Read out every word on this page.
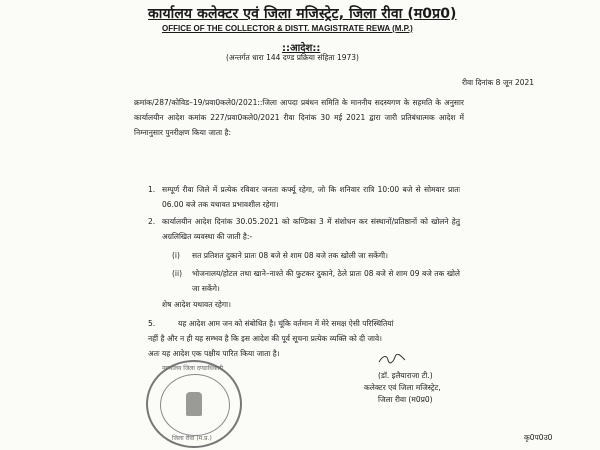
कार्यालय कलेक्टर एवं जिला मजिस्ट्रेट, जिला रीवा (म0प्र0)
OFFICE OF THE COLLECTOR & DISTT. MAGISTRATE REWA (M.P.)
::आदेश::
(अन्तर्गत धारा 144 दण्ड प्रक्रिया संहिता 1973)
रीवा दिनांक 8 जून 2021
क्रमांक/287/कोविड–19/प्रवा0कले0/2021::जिला आपदा प्रबंधन समिति के माननीय सदस्यगण के सहमति के अनुसार कार्यालयीन आदेश कमांक 227/प्रवा0कले0/2021 रीवा दिनांक 30 मई 2021 द्वारा जारी प्रतिबंधात्मक आदेश में निम्नानुसार पुनरीक्षण किया जाता है:
1. सम्पूर्ण रीवा जिले में प्रत्येक रविवार जनता कर्फ्यू रहेगा, जो कि शनिवार रात्रि 10:00 बजे से सोमवार प्रातः 06.00 बजे तक यथावत प्रभावशील रहेगा।
2. कार्यालयीन आदेश दिनांक 30.05.2021 को कण्डिका 3 में संशोधन कर संस्थानों/प्रतिष्ठानों को खोलने हेतु अग्रलिखित व्यवस्था की जाती है:-
(i) सत प्रतिशत दुकाने प्रातः 08 बजे से शाम 08 बजे तक खोली जा सकेंगी।
(ii) भोजनालय/होटल तथा खाने–नाश्ते की फुटकर दुकाने, ठेले प्रातः 08 बजे से शाम 09 बजे तक खोले जा सकेंगे।
शेष आदेश यथावत रहेगा।
5.	यह आदेश आम जन को संबोधित है। चूंकि वर्तमान में मेरे समक्ष ऐसी परिस्थितियां
नहीं है और न ही यह सम्भव है कि इस आदेश की पूर्व सूचना प्रत्येक व्यक्ति को दी जावे।
अतः यह आदेश एक पक्षीय पारित किया जाता है।
(डॉ. इलैयाराजा टी.)
कलेक्टर एवं जिला मजिस्ट्रेट,
जिला रीवा (म0प्र0)
न्यायालय जिला दण्डाधिकारी
जिला रीवा (म.प्र.)	कृ0प0उ0
